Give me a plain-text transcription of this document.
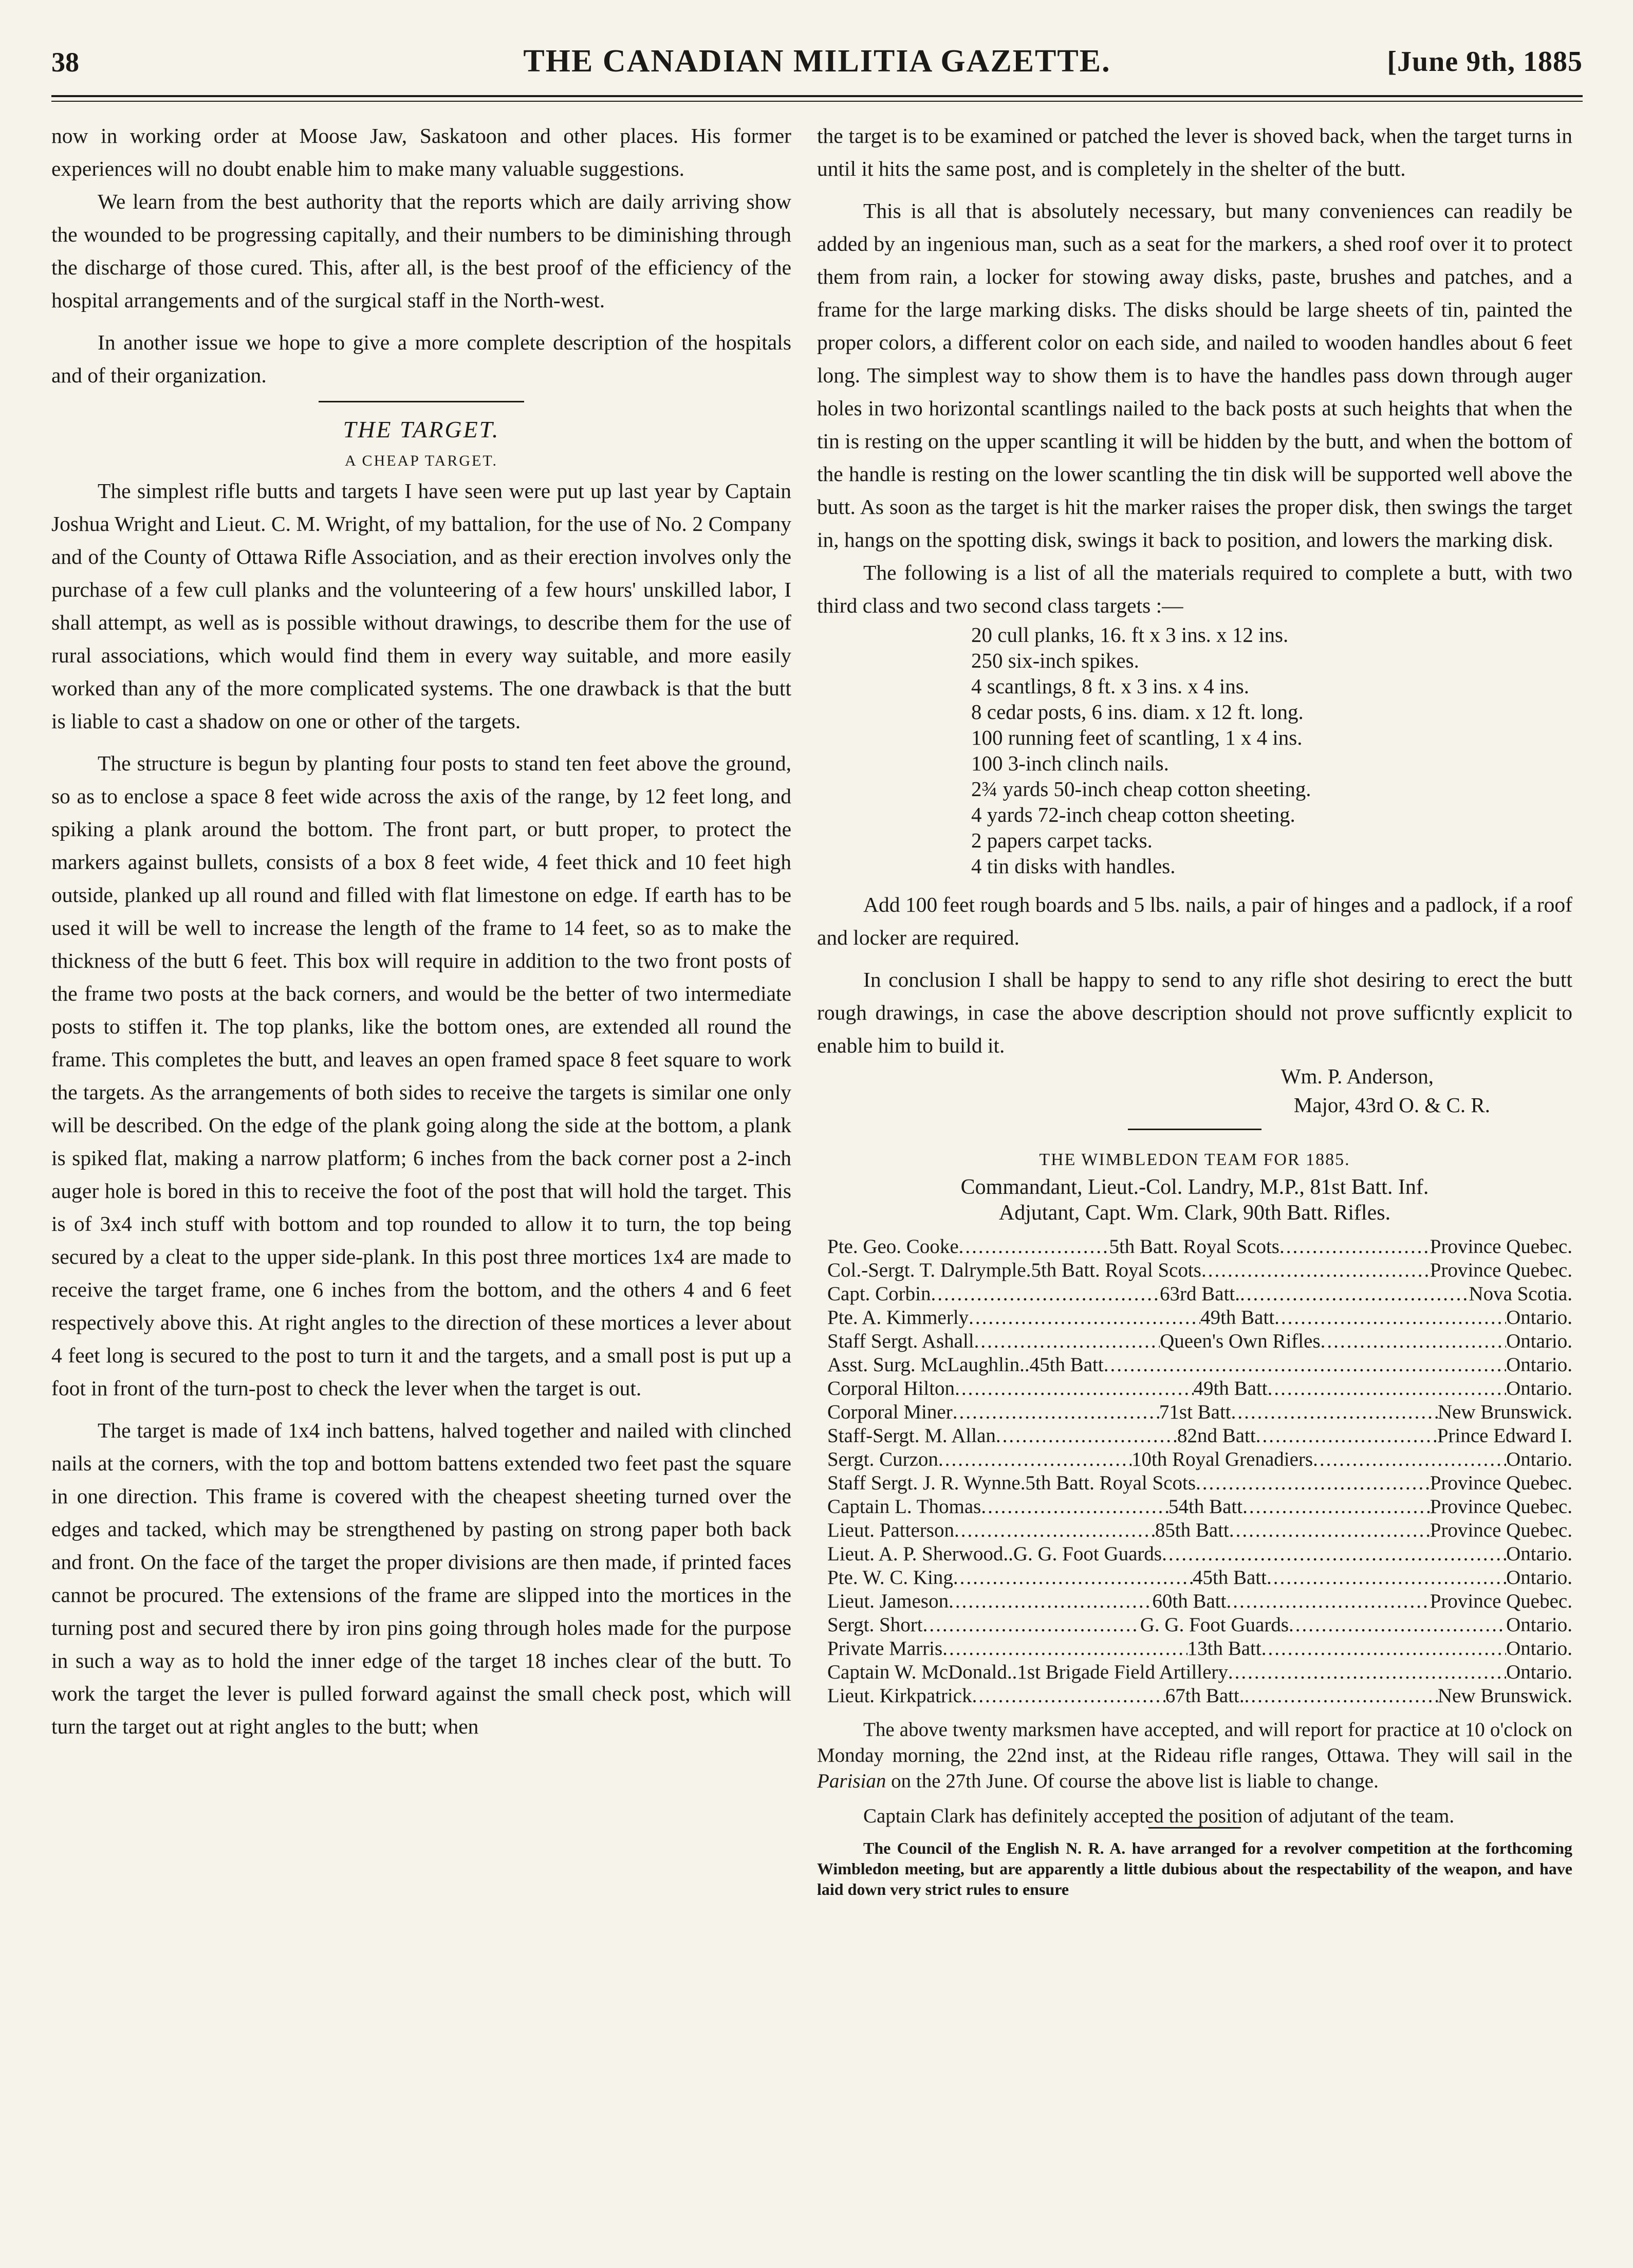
38	THE CANADIAN MILITIA GAZETTE.	[June 9th, 1885

now in working order at Moose Jaw, Saskatoon and other places. His former experiences will no doubt enable him to make many valuable suggestions.

We learn from the best authority that the reports which are daily arriving show the wounded to be progressing capitally, and their numbers to be diminishing through the discharge of those cured. This, after all, is the best proof of the efficiency of the hospital arrangements and of the surgical staff in the North-west.

In another issue we hope to give a more complete description of the hospitals and of their organization.

THE TARGET.
A CHEAP TARGET.

The simplest rifle butts and targets I have seen were put up last year by Captain Joshua Wright and Lieut. C. M. Wright, of my battalion, for the use of No. 2 Company and of the County of Ottawa Rifle Association, and as their erection involves only the purchase of a few cull planks and the volunteering of a few hours' unskilled labor, I shall attempt, as well as is possible without drawings, to describe them for the use of rural associations, which would find them in every way suitable, and more easily worked than any of the more complicated systems. The one drawback is that the butt is liable to cast a shadow on one or other of the targets.

The structure is begun by planting four posts to stand ten feet above the ground, so as to enclose a space 8 feet wide across the axis of the range, by 12 feet long, and spiking a plank around the bottom. The front part, or butt proper, to protect the markers against bullets, consists of a box 8 feet wide, 4 feet thick and 10 feet high outside, planked up all round and filled with flat limestone on edge. If earth has to be used it will be well to increase the length of the frame to 14 feet, so as to make the thickness of the butt 6 feet. This box will require in addition to the two front posts of the frame two posts at the back corners, and would be the better of two intermediate posts to stiffen it. The top planks, like the bottom ones, are extended all round the frame. This completes the butt, and leaves an open framed space 8 feet square to work the targets. As the arrangements of both sides to receive the targets is similar one only will be described. On the edge of the plank going along the side at the bottom, a plank is spiked flat, making a narrow platform; 6 inches from the back corner post a 2-inch auger hole is bored in this to receive the foot of the post that will hold the target. This is of 3x4 inch stuff with bottom and top rounded to allow it to turn, the top being secured by a cleat to the upper side-plank. In this post three mortices 1x4 are made to receive the target frame, one 6 inches from the bottom, and the others 4 and 6 feet respectively above this. At right angles to the direction of these mortices a lever about 4 feet long is secured to the post to turn it and the targets, and a small post is put up a foot in front of the turn-post to check the lever when the target is out.

The target is made of 1x4 inch battens, halved together and nailed with clinched nails at the corners, with the top and bottom battens extended two feet past the square in one direction. This frame is covered with the cheapest sheeting turned over the edges and tacked, which may be strengthened by pasting on strong paper both back and front. On the face of the target the proper divisions are then made, if printed faces cannot be procured. The extensions of the frame are slipped into the mortices in the turning post and secured there by iron pins going through holes made for the purpose in such a way as to hold the inner edge of the target 18 inches clear of the butt. To work the target the lever is pulled forward against the small check post, which will turn the target out at right angles to the butt; when

the target is to be examined or patched the lever is shoved back, when the target turns in until it hits the same post, and is completely in the shelter of the butt.

This is all that is absolutely necessary, but many conveniences can readily be added by an ingenious man, such as a seat for the markers, a shed roof over it to protect them from rain, a locker for stowing away disks, paste, brushes and patches, and a frame for the large marking disks. The disks should be large sheets of tin, painted the proper colors, a different color on each side, and nailed to wooden handles about 6 feet long. The simplest way to show them is to have the handles pass down through auger holes in two horizontal scantlings nailed to the back posts at such heights that when the tin is resting on the upper scantling it will be hidden by the butt, and when the bottom of the handle is resting on the lower scantling the tin disk will be supported well above the butt. As soon as the target is hit the marker raises the proper disk, then swings the target in, hangs on the spotting disk, swings it back to position, and lowers the marking disk.

The following is a list of all the materials required to complete a butt, with two third class and two second class targets :—

20 cull planks, 16. ft x 3 ins. x 12 ins.
250 six-inch spikes.
4 scantlings, 8 ft. x 3 ins. x 4 ins.
8 cedar posts, 6 ins. diam. x 12 ft. long.
100 running feet of scantling, 1 x 4 ins.
100 3-inch clinch nails.
2¾ yards 50-inch cheap cotton sheeting.
4 yards 72-inch cheap cotton sheeting.
2 papers carpet tacks.
4 tin disks with handles.

Add 100 feet rough boards and 5 lbs. nails, a pair of hinges and a padlock, if a roof and locker are required.

In conclusion I shall be happy to send to any rifle shot desiring to erect the butt rough drawings, in case the above description should not prove sufficntly explicit to enable him to build it.

Wm. P. Anderson,
Major, 43rd O. & C. R.
THE WIMBLEDON TEAM FOR 1885.
Commandant, Lieut.-Col. Landry, M.P., 81st Batt. Inf.
Adjutant, Capt. Wm. Clark, 90th Batt. Rifles.
Pte. Geo. Cooke .....	5th Batt. Royal Scots .....	Province Quebec.
Col.-Sergt. T. Dalrymple. 5th Batt. Royal Scots .....	Province Quebec.
Capt. Corbin .....	63rd Batt. .....	Nova Scotia.
Pte. A. Kimmerly .....	49th Batt .....	Ontario.
Staff Sergt. Ashall .....	Queen's Own Rifles .....	Ontario.
Asst. Surg. McLaughlin.. 45th Batt .....	Ontario.
Corporal Hilton .....	49th Batt .....	Ontario.
Corporal Miner .....	71st Batt .....	New Brunswick.
Staff-Sergt. M. Allan .....	82nd Batt .....	Prince Edward I.
Sergt. Curzon .....	10th Royal Grenadiers .....	Ontario.
Staff Sergt. J. R. Wynne. 5th Batt. Royal Scots .....	Province Quebec.
Captain L. Thomas .....	54th Batt .....	Province Quebec.
Lieut. Patterson .....	85th Batt .....	Province Quebec.
Lieut. A. P. Sherwood.. G. G. Foot Guards .....	Ontario.
Pte. W. C. King .....	45th Batt .....	Ontario.
Lieut. Jameson .....	60th Batt .....	Province Quebec.
Sergt. Short .....	G. G. Foot Guards .....	Ontario.
Private Marris .....	13th Batt .....	Ontario.
Captain W. McDonald.. 1st Brigade Field Artillery .....	Ontario.
Lieut. Kirkpatrick .....	67th Batt. .....	New Brunswick.

The above twenty marksmen have accepted, and will report for practice at 10 o'clock on Monday morning, the 22nd inst, at the Rideau rifle ranges, Ottawa. They will sail in the Parisian on the 27th June. Of course the above list is liable to change.

Captain Clark has definitely accepted the position of adjutant of the team.

The Council of the English N. R. A. have arranged for a revolver competition at the forthcoming Wimbledon meeting, but are apparently a little dubious about the respectability of the weapon, and have laid down very strict rules to ensure
